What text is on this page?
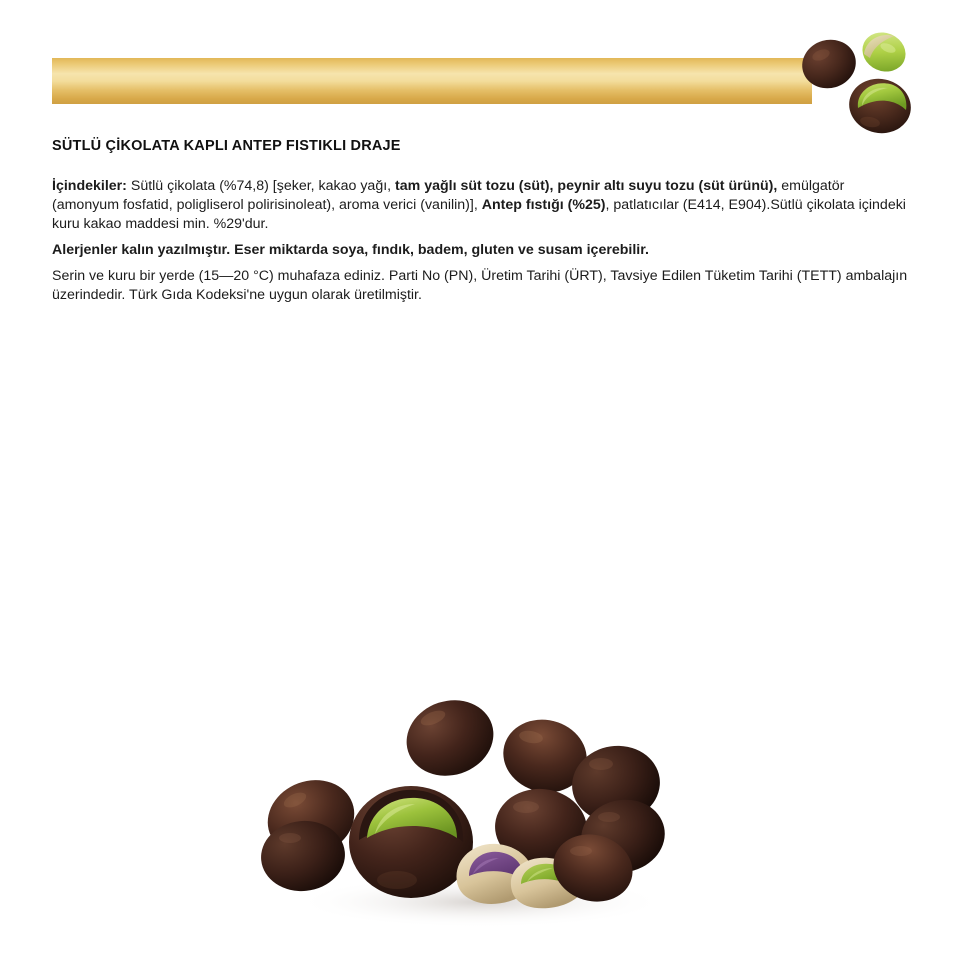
SÜTLÜ ÇİKOLATA KAPLI ANTEP FISTIKLI DRAJE

İçindekiler: Sütlü çikolata (%74,8) [şeker, kakao yağı, tam yağlı süt tozu (süt), peynir altı suyu tozu (süt ürünü), emülgatör (amonyum fosfatid, poligliserol polirisinoleat), aroma verici (vanilin)], Antep fıstığı (%25), patlatıcılar (E414, E904).Sütlü çikolata içindeki kuru kakao maddesi min. %29'dur.

Alerjenler kalın yazılmıştır. Eser miktarda soya, fındık, badem, gluten ve susam içerebilir.

Serin ve kuru bir yerde (15—20 °C) muhafaza ediniz. Parti No (PN), Üretim Tarihi (ÜRT), Tavsiye Edilen Tüketim Tarihi (TETT) ambalajın üzerindedir. Türk Gıda Kodeksi'ne uygun olarak üretilmiştir.
